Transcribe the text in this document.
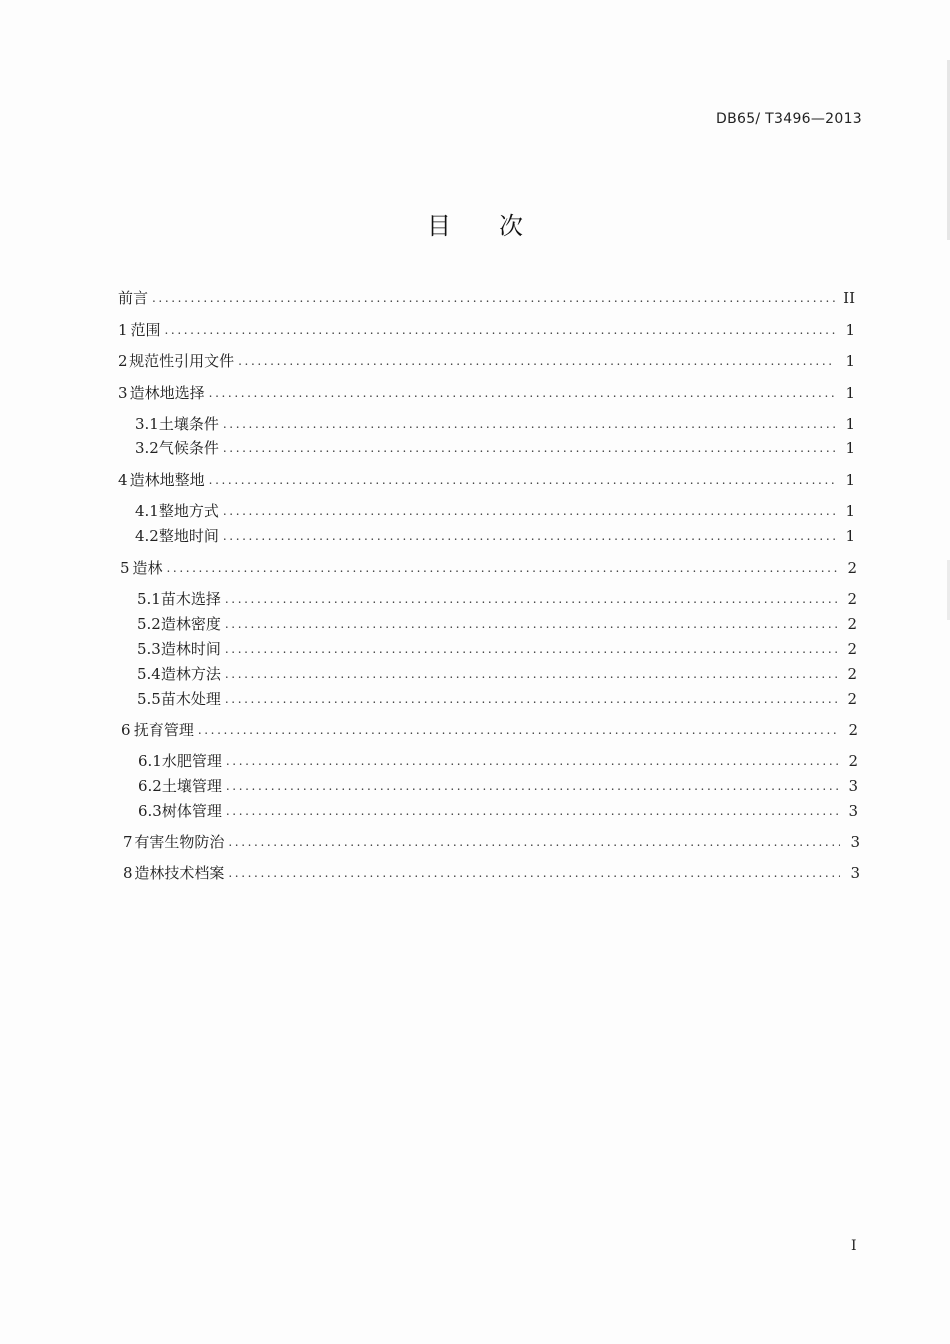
DB65/ T3496—2013
目 次
前言 .....	II
1 范围 .....	1
2 规范性引用文件 .....	1
3 造林地选择 .....	1
3.1 土壤条件 .....	1
3.2 气候条件 .....	1
4 造林地整地 .....	1
4.1 整地方式 .....	1
4.2 整地时间 .....	1
5 造林 .....	2
5.1 苗木选择 .....	2
5.2 造林密度 .....	2
5.3 造林时间 .....	2
5.4 造林方法 .....	2
5.5 苗木处理 .....	2
6 抚育管理 .....	2
6.1 水肥管理 .....	2
6.2 土壤管理 .....	3
6.3 树体管理 .....	3
7 有害生物防治 .....	3
8 造林技术档案 .....	3
I
